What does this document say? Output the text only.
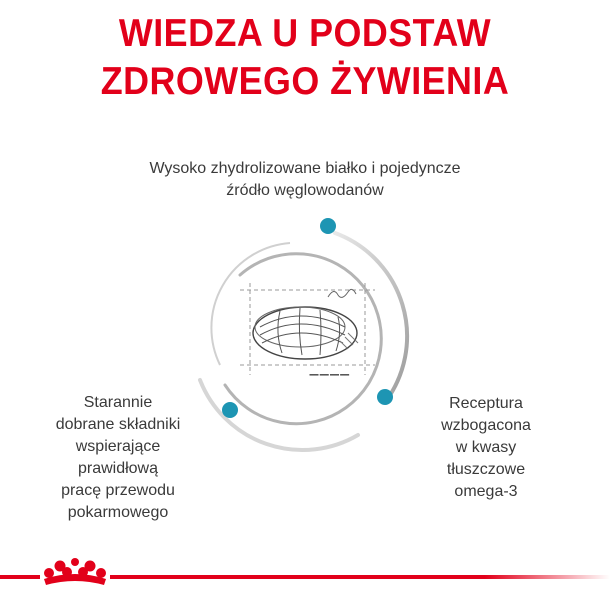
WIEDZA U PODSTAW
ZDROWEGO ŻYWIENIA
Wysoko zhydrolizowane białko i pojedyncze
źródło węglowodanów
Starannie
dobrane składniki
wspierające
prawidłową
pracę przewodu
pokarmowego
Receptura
wzbogacona
w kwasy
tłuszczowe
omega-3
— — — —
